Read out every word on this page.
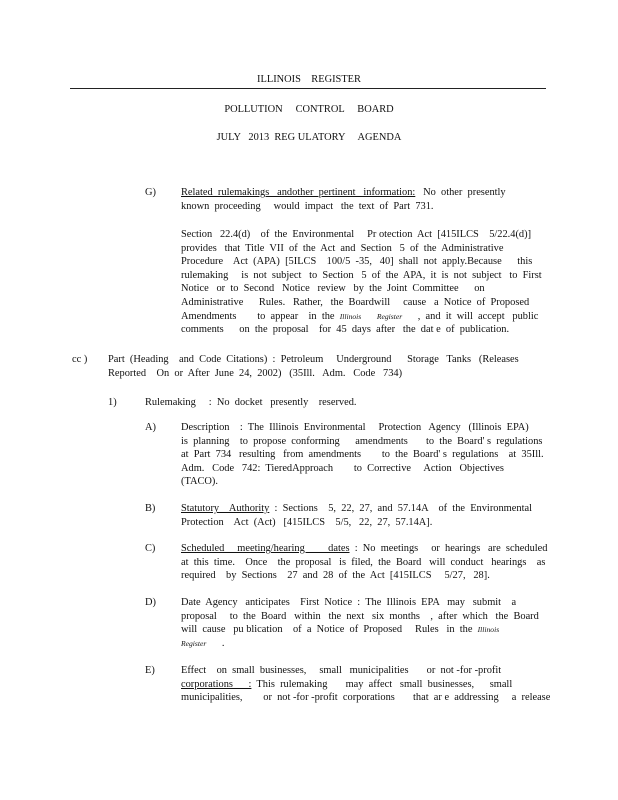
ILLINOIS    REGISTER
POLLUTION     CONTROL     BOARD
JULY   2013  REG ULATORY     AGENDA
G) Related  rulemakings   andother  pertinent   information:   No  other  presently
known  proceeding     would  impact   the  text  of  Part  731.
Section   22.4(d)    of  the  Environmental     Pr otection  Act  [415ILCS    5/22.4(d)]
provides   that  Title  VII  of  the  Act  and  Section   5  of  the  Administrative
Procedure    Act  (APA)  [5ILCS    100/5  -35,   40]  shall  not  apply.Because      this
rulemaking     is  not  subject   to  Section   5  of  the  APA,  it  is  not  subject   to  First
Notice   or  to  Second   Notice   review   by  the  Joint  Committee      on
Administrative      Rules.   Rather,   the  Boardwill     cause   a  Notice  of  Proposed
Amendments        to  appear    in  the  Illinois Register      ,  and  it  will  accept   public
comments      on  the  proposal    for  45  days  after   the  dat e  of  publication.
cc ) Part  (Heading    and  Code  Citations)  :  Petroleum     Underground      Storage   Tanks   (Releases
Reported    On  or  After  June  24,  2002)   (35Ill.   Adm.   Code   734)
1)	Rulemaking     :  No  docket   presently    reserved.
A) Description    :  The  Illinois  Environmental     Protection   Agency   (Illinois  EPA)
is  planning    to  propose  conforming      amendments       to  the  Board' s  regulations
at  Part  734   resulting   from  amendments        to  the  Board' s  regulations    at  35Ill.
Adm.   Code   742:  TieredApproach        to  Corrective     Action   Objectives
(TACO).
B) Statutory    Authority  :  Sections    5,  22,  27,  and  57.14A    of  the  Environmental
Protection    Act  (Act)   [415ILCS    5/5,   22,  27,  57.14A].
C) Scheduled     meeting/hearing         dates  :  No  meetings     or  hearings   are  scheduled
at  this  time.    Once    the  proposal   is  filed,  the  Board   will  conduct   hearings    as
required    by  Sections    27  and  28  of  the  Act  [415ILCS     5/27,   28].
D) Date  Agency   anticipates    First  Notice  :  The  Illinois  EPA   may   submit    a
proposal     to  the  Board   within   the  next   six  months    ,  after  which   the  Board
will  cause   pu blication    of  a  Notice  of  Proposed     Rules   in  the  Illinois
Register      .
E)	Effect    on  small  businesses,     small   municipalities       or  not -for -profit
corporations      :  This  rulemaking       may  affect   small  businesses,      small
municipalities,        or  not -for -profit  corporations       that  ar e  addressing     a  release
